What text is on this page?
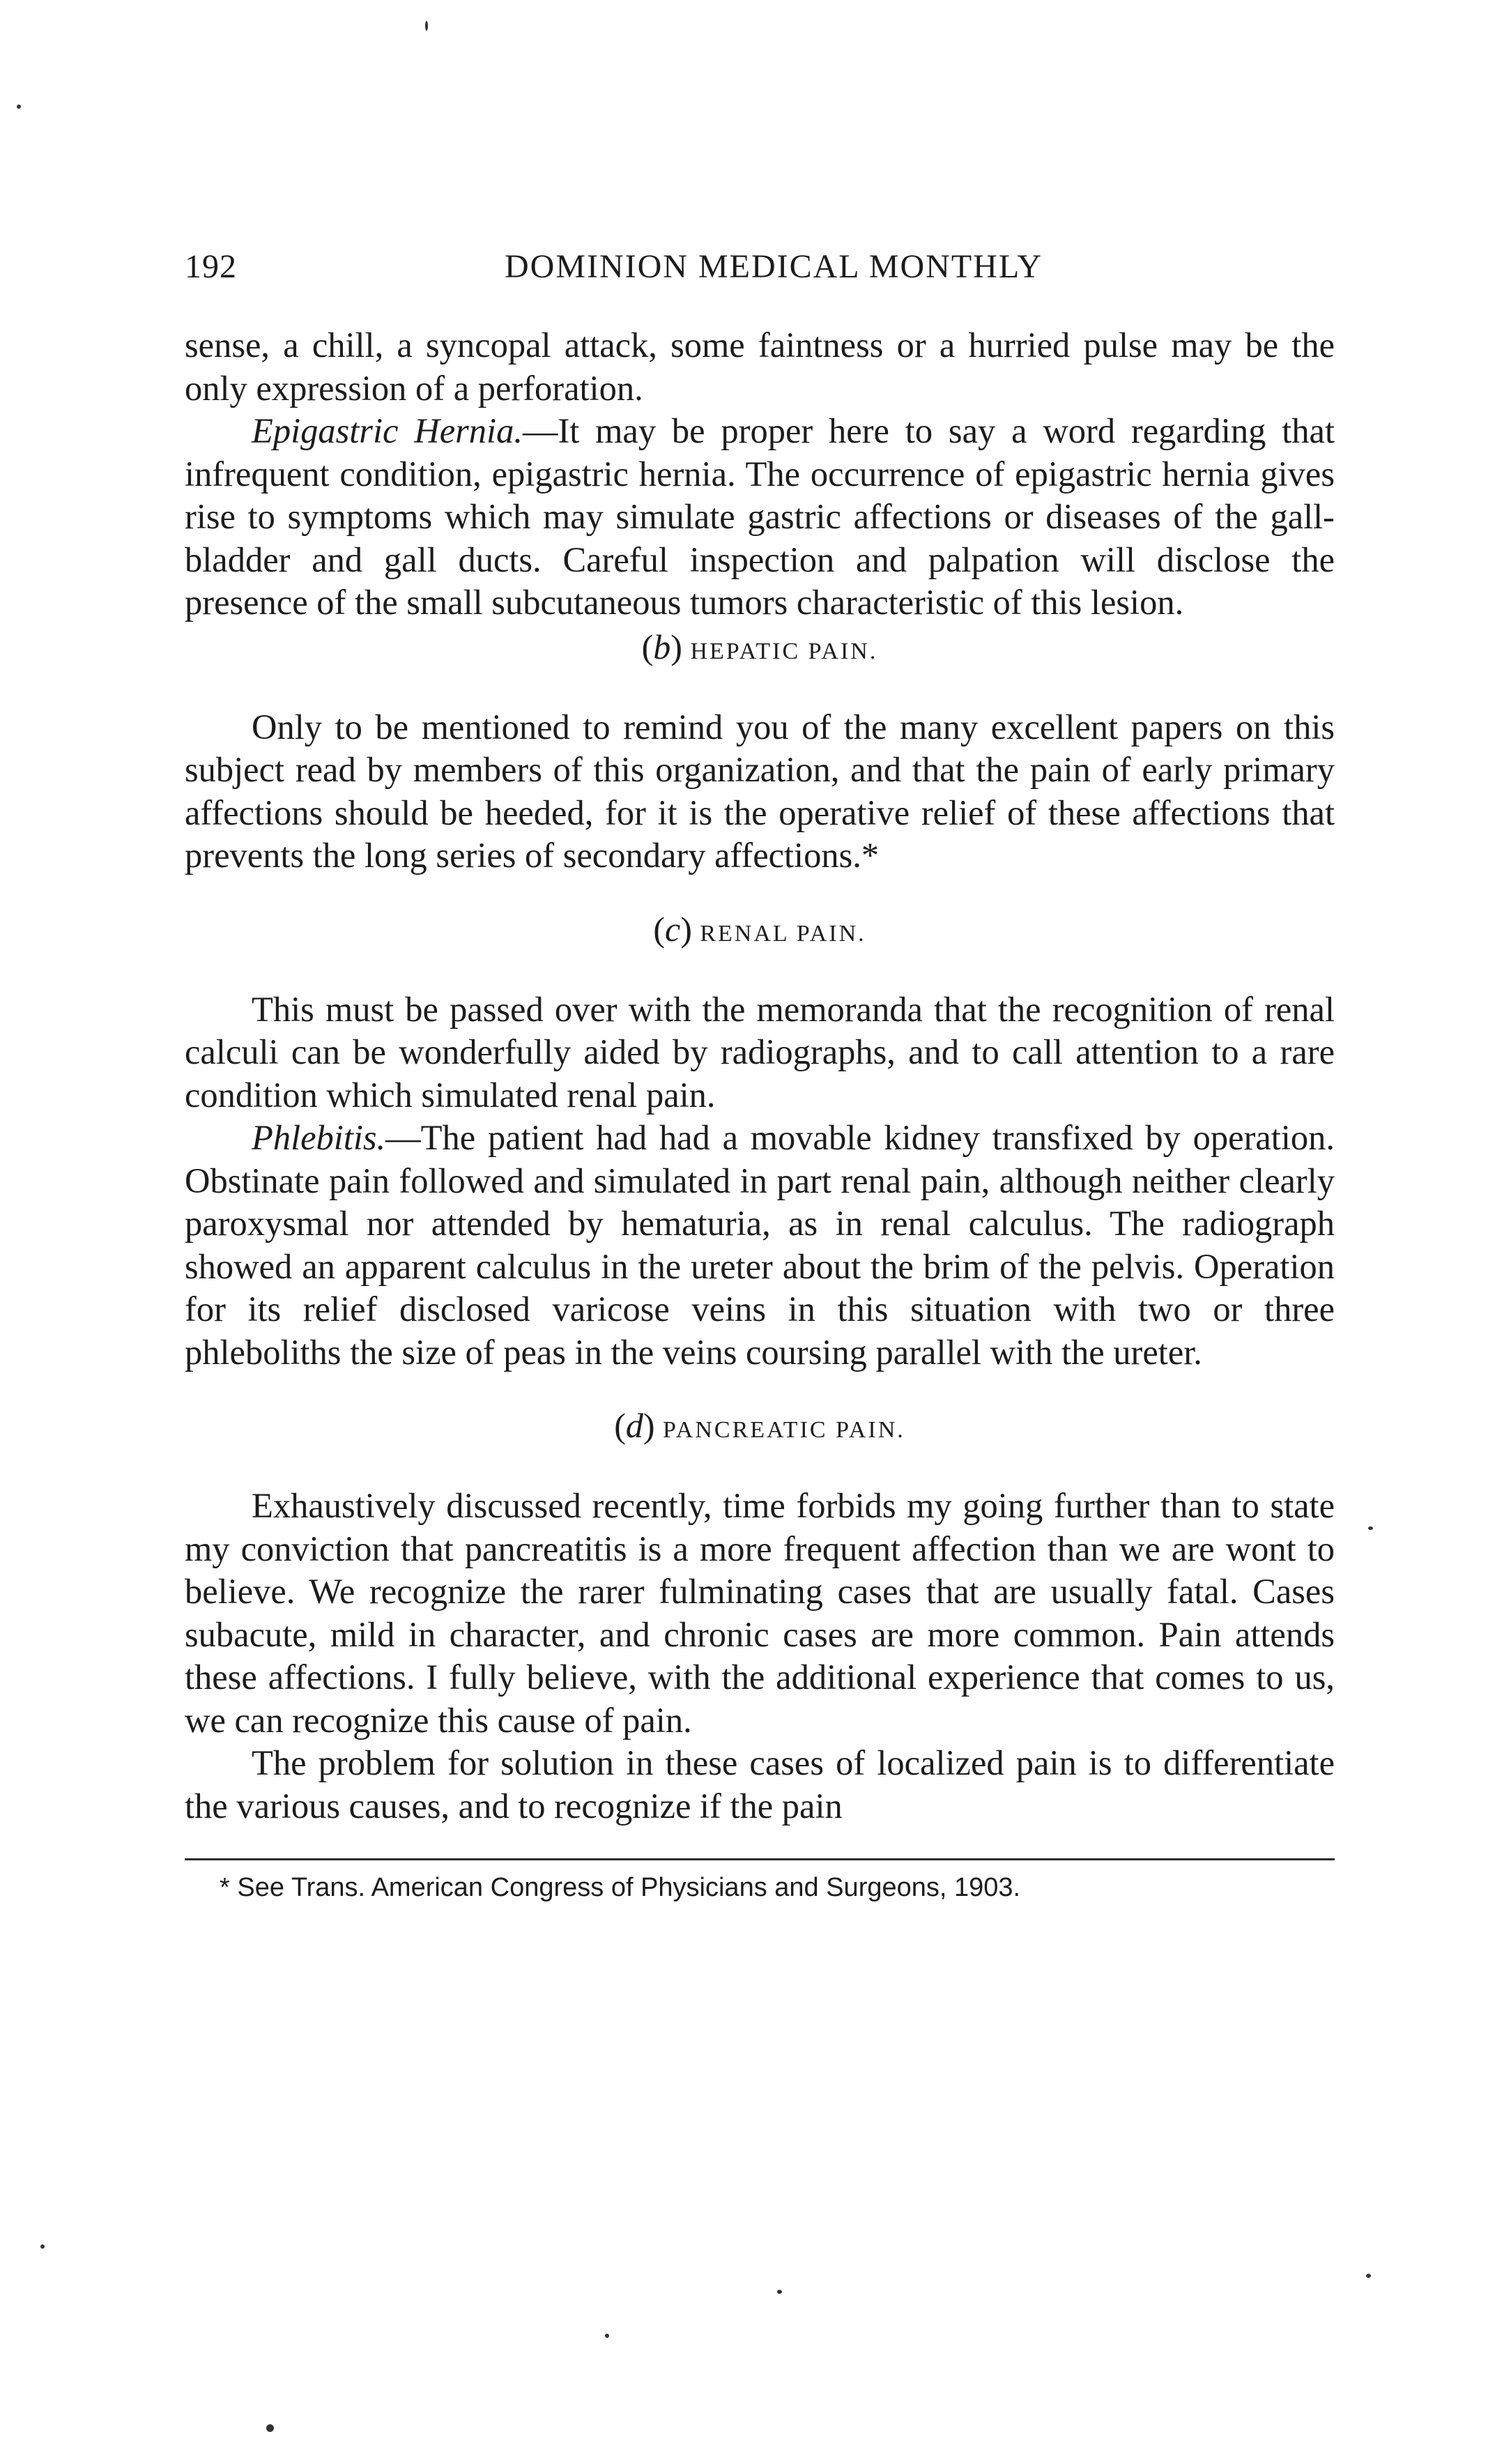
192	DOMINION MEDICAL MONTHLY

sense, a chill, a syncopal attack, some faintness or a hurried pulse may be the only expression of a perforation.

Epigastric Hernia.—It may be proper here to say a word regarding that infrequent condition, epigastric hernia. The occurrence of epigastric hernia gives rise to symptoms which may simulate gastric affections or diseases of the gall-bladder and gall ducts. Careful inspection and palpation will disclose the presence of the small subcutaneous tumors characteristic of this lesion.

(b) HEPATIC PAIN.

Only to be mentioned to remind you of the many excellent papers on this subject read by members of this organization, and that the pain of early primary affections should be heeded, for it is the operative relief of these affections that prevents the long series of secondary affections.*

(c) RENAL PAIN.

This must be passed over with the memoranda that the recognition of renal calculi can be wonderfully aided by radiographs, and to call attention to a rare condition which simulated renal pain.

Phlebitis.—The patient had had a movable kidney transfixed by operation. Obstinate pain followed and simulated in part renal pain, although neither clearly paroxysmal nor attended by hematuria, as in renal calculus. The radiograph showed an apparent calculus in the ureter about the brim of the pelvis. Operation for its relief disclosed varicose veins in this situation with two or three phleboliths the size of peas in the veins coursing parallel with the ureter.

(d) PANCREATIC PAIN.

Exhaustively discussed recently, time forbids my going further than to state my conviction that pancreatitis is a more frequent affection than we are wont to believe. We recognize the rarer fulminating cases that are usually fatal. Cases subacute, mild in character, and chronic cases are more common. Pain attends these affections. I fully believe, with the additional experience that comes to us, we can recognize this cause of pain.

The problem for solution in these cases of localized pain is to differentiate the various causes, and to recognize if the pain

* See Trans. American Congress of Physicians and Surgeons, 1903.
